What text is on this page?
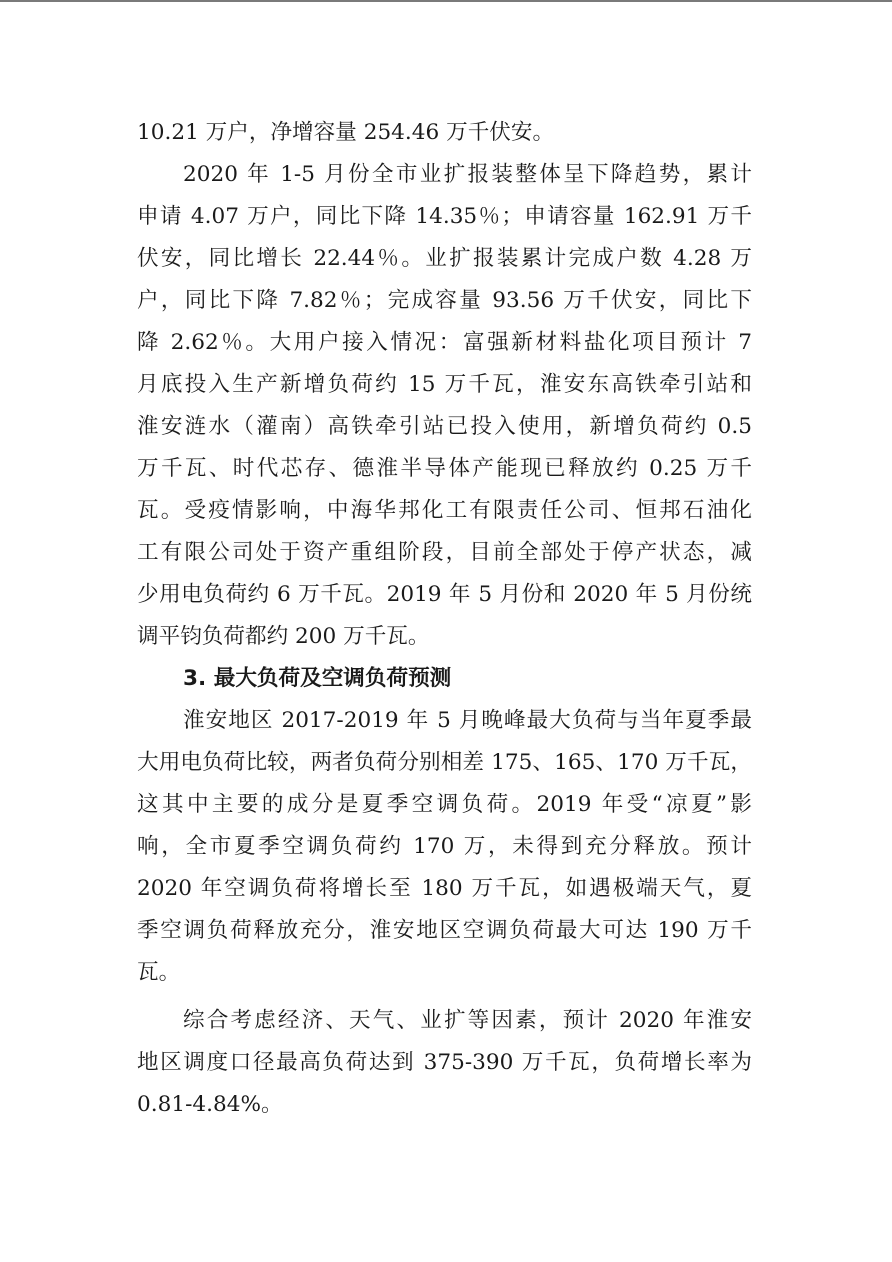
10.21 万户，净增容量 254.46 万千伏安。
2020 年 1-5 月份全市业扩报装整体呈下降趋势，累计
申请 4.07 万户，同比下降 14.35％；申请容量 162.91 万千
伏安，同比增长 22.44％。业扩报装累计完成户数 4.28 万
户，同比下降 7.82％；完成容量 93.56 万千伏安，同比下
降 2.62％。大用户接入情况：富强新材料盐化项目预计 7
月底投入生产新增负荷约 15 万千瓦，淮安东高铁牵引站和
淮安涟水（灌南）高铁牵引站已投入使用，新增负荷约 0.5
万千瓦、时代芯存、德淮半导体产能现已释放约 0.25 万千
瓦。受疫情影响，中海华邦化工有限责任公司、恒邦石油化
工有限公司处于资产重组阶段，目前全部处于停产状态，减
少用电负荷约 6 万千瓦。2019 年 5 月份和 2020 年 5 月份统
调平钧负荷都约 200 万千瓦。
3. 最大负荷及空调负荷预测
淮安地区 2017-2019 年 5 月晚峰最大负荷与当年夏季最
大用电负荷比较，两者负荷分别相差 175、165、170 万千瓦，
这其中主要的成分是夏季空调负荷。2019 年受“凉夏”影
响，全市夏季空调负荷约 170 万，未得到充分释放。预计
2020 年空调负荷将增长至 180 万千瓦，如遇极端天气，夏
季空调负荷释放充分，淮安地区空调负荷最大可达 190 万千
瓦。
综合考虑经济、天气、业扩等因素，预计 2020 年淮安
地区调度口径最高负荷达到 375-390 万千瓦，负荷增长率为
0.81-4.84%。
